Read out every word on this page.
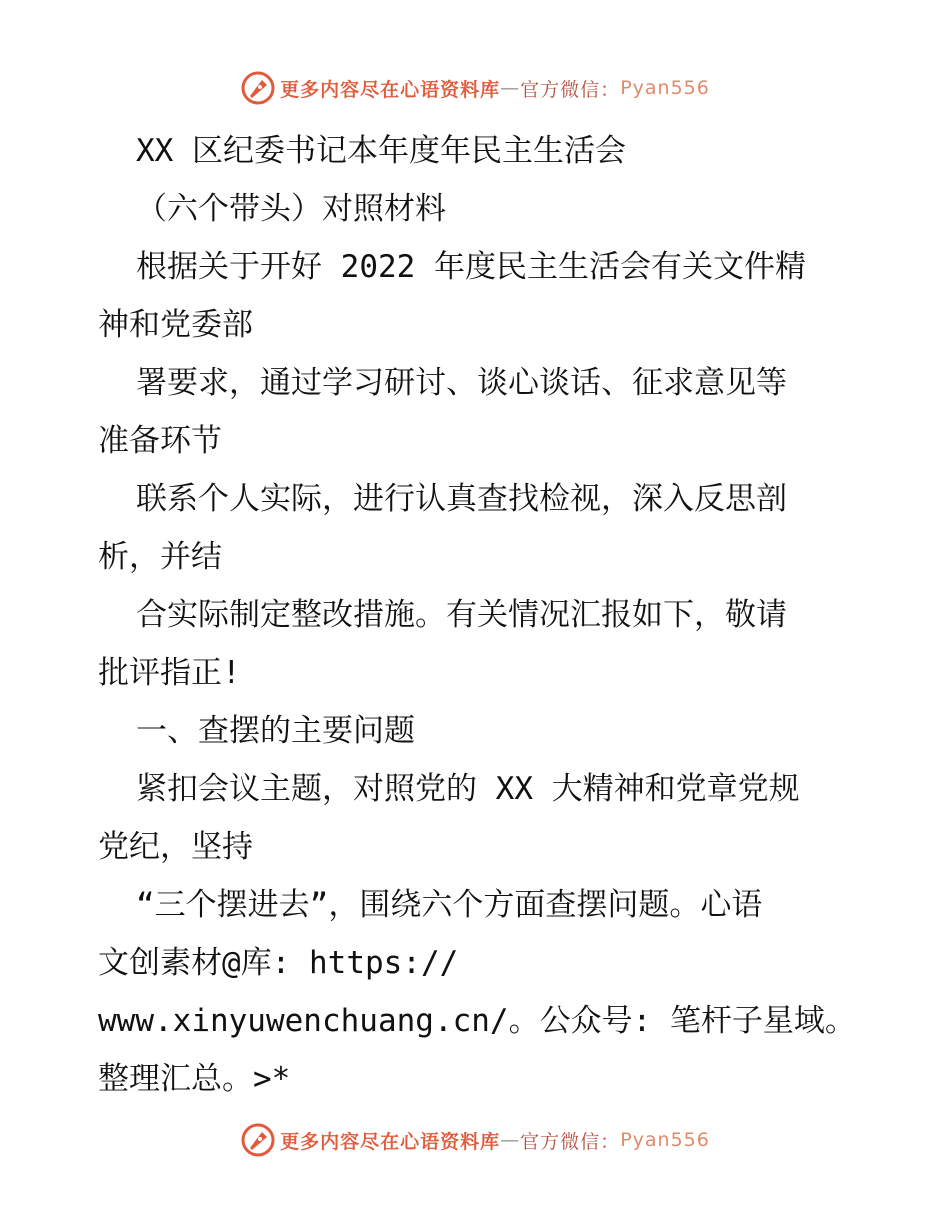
更多内容尽在心语资料库 — 官方微信： Pyan556

XX 区纪委书记本年度年民主生活会

（六个带头）对照材料

根据关于开好 2022 年度民主生活会有关文件精

神和党委部

署要求，通过学习研讨、谈心谈话、征求意见等

准备环节

联系个人实际，进行认真查找检视，深入反思剖

析，并结

合实际制定整改措施。有关情况汇报如下，敬请

批评指正!

一、查摆的主要问题

紧扣会议主题，对照党的 XX 大精神和党章党规

党纪，坚持

“三个摆进去”，围绕六个方面查摆问题。心语

文创素材@库: https://

www.xinyuwenchuang.cn/。公众号: 笔杆子星域。

整理汇总。>*

更多内容尽在心语资料库 — 官方微信： Pyan556
